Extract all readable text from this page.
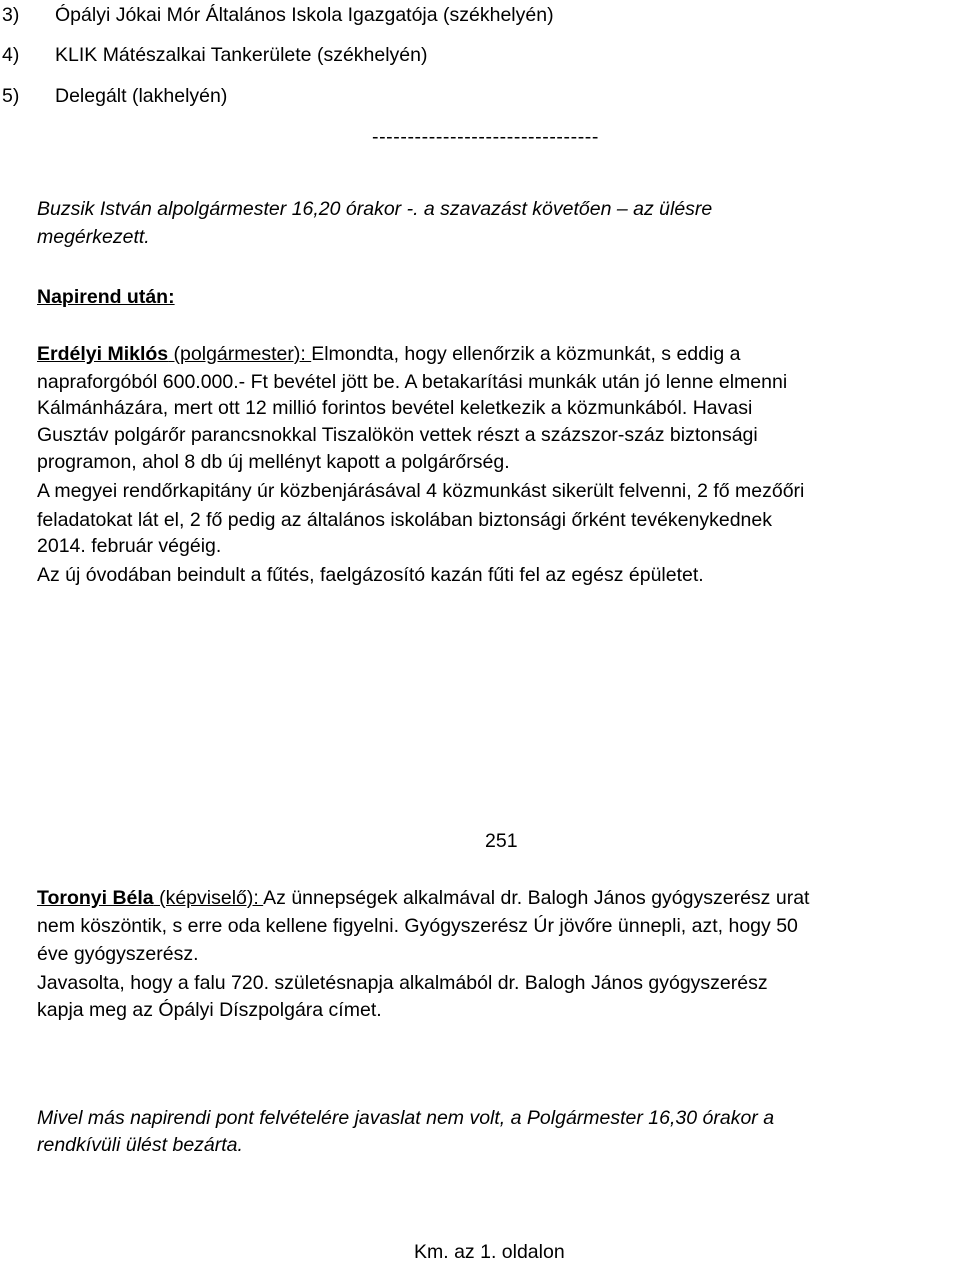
3) Ópályi Jókai Mór Általános Iskola Igazgatója (székhelyén)
4) KLIK Mátészalkai Tankerülete (székhelyén)
5) Delegált (lakhelyén)
--------------------------------
Buzsik István alpolgármester 16,20 órakor -. a szavazást követően – az ülésre
megérkezett.
Napirend után:
Erdélyi Miklós (polgármester): Elmondta, hogy ellenőrzik a közmunkát, s eddig a
napraforgóból 600.000.- Ft bevétel jött be. A betakarítási munkák után jó lenne elmenni
Kálmánházára, mert ott 12 millió forintos bevétel keletkezik a közmunkából. Havasi
Gusztáv polgárőr parancsnokkal Tiszalökön vettek részt a százszor-száz biztonsági
programon, ahol 8 db új mellényt kapott a polgárőrség.
A megyei rendőrkapitány úr közbenjárásával 4 közmunkást sikerült felvenni, 2 fő mezőőri
feladatokat lát el, 2 fő pedig az általános iskolában biztonsági őrként tevékenykednek
2014. február végéig.
Az új óvodában beindult a fűtés, faelgázosító kazán fűti fel az egész épületet.
251
Toronyi Béla (képviselő): Az ünnepségek alkalmával dr. Balogh János gyógyszerész urat
nem köszöntik, s erre oda kellene figyelni. Gyógyszerész Úr jövőre ünnepli, azt, hogy 50
éve gyógyszerész.
Javasolta, hogy a falu 720. születésnapja alkalmából dr. Balogh János gyógyszerész
kapja meg az Ópályi Díszpolgára címet.
Mivel más napirendi pont felvételére javaslat nem volt, a Polgármester 16,30 órakor a
rendkívüli ülést bezárta.
Km. az 1. oldalon
